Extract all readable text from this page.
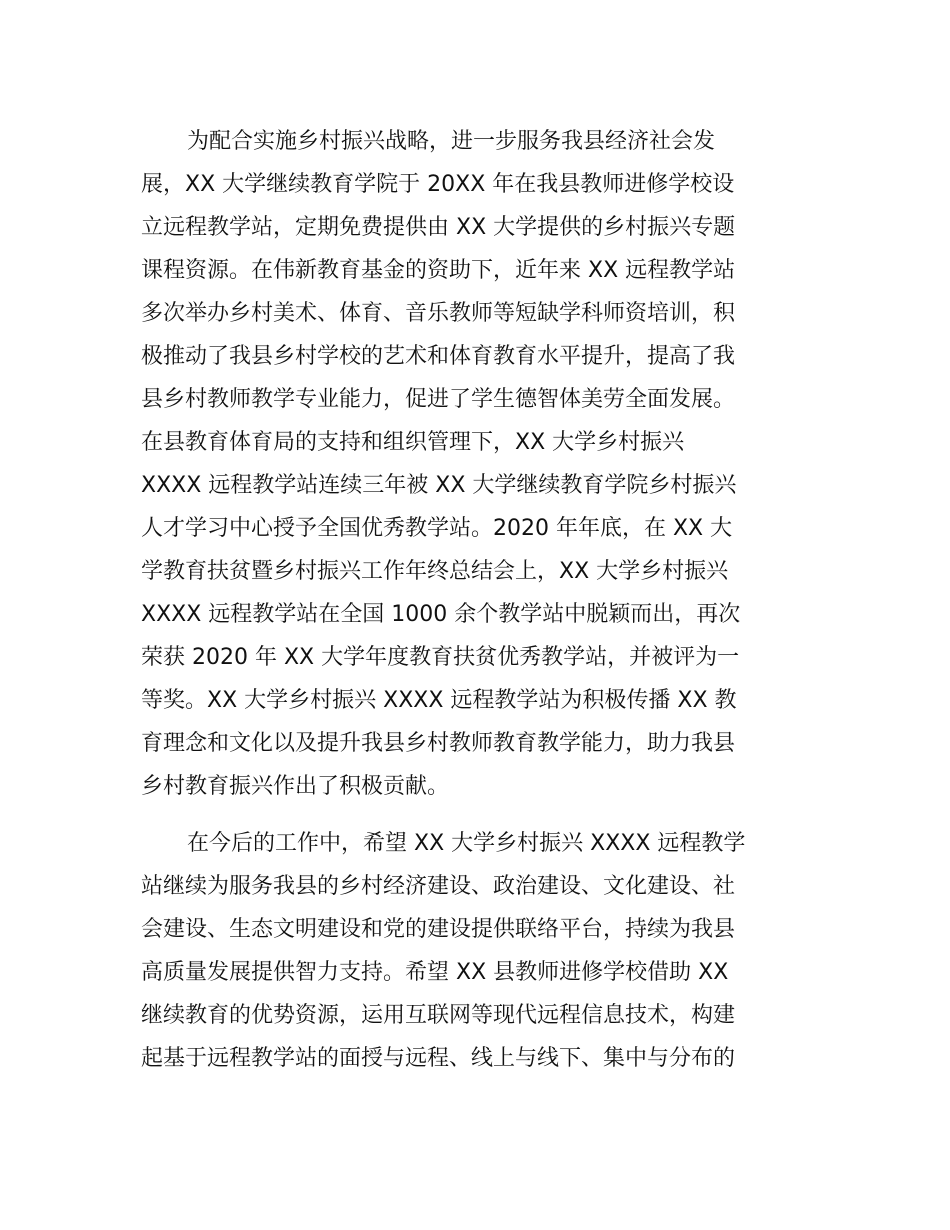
为配合实施乡村振兴战略，进一步服务我县经济社会发
展，XX 大学继续教育学院于 20XX 年在我县教师进修学校设
立远程教学站，定期免费提供由 XX 大学提供的乡村振兴专题
课程资源。在伟新教育基金的资助下，近年来 XX 远程教学站
多次举办乡村美术、体育、音乐教师等短缺学科师资培训，积
极推动了我县乡村学校的艺术和体育教育水平提升，提高了我
县乡村教师教学专业能力，促进了学生德智体美劳全面发展。
在县教育体育局的支持和组织管理下，XX 大学乡村振兴
XXXX 远程教学站连续三年被 XX 大学继续教育学院乡村振兴
人才学习中心授予全国优秀教学站。2020 年年底，在 XX 大
学教育扶贫暨乡村振兴工作年终总结会上，XX 大学乡村振兴
XXXX 远程教学站在全国 1000 余个教学站中脱颖而出，再次
荣获 2020 年 XX 大学年度教育扶贫优秀教学站，并被评为一
等奖。XX 大学乡村振兴 XXXX 远程教学站为积极传播 XX 教
育理念和文化以及提升我县乡村教师教育教学能力，助力我县
乡村教育振兴作出了积极贡献。
在今后的工作中，希望 XX 大学乡村振兴 XXXX 远程教学
站继续为服务我县的乡村经济建设、政治建设、文化建设、社
会建设、生态文明建设和党的建设提供联络平台，持续为我县
高质量发展提供智力支持。希望 XX 县教师进修学校借助 XX
继续教育的优势资源，运用互联网等现代远程信息技术，构建
起基于远程教学站的面授与远程、线上与线下、集中与分布的
